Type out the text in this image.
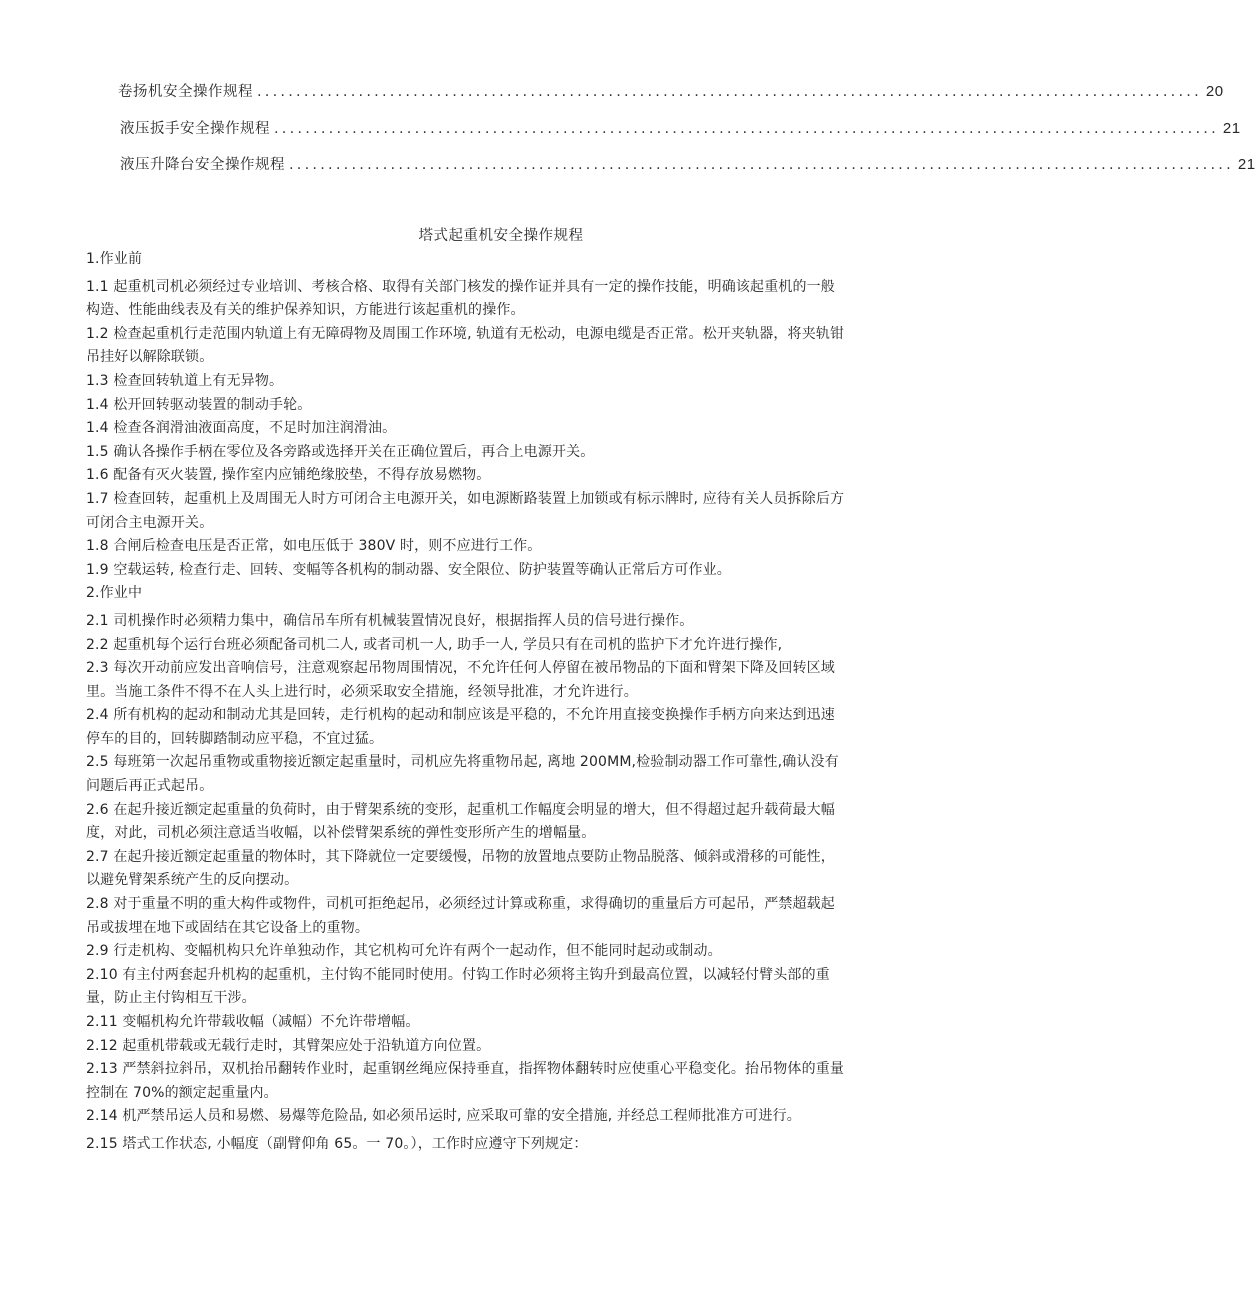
卷扬机安全操作规程 ......................................................................................................................... 20
液压扳手安全操作规程 ......................................................................................................................... 21
液压升降台安全操作规程 ......................................................................................................................... 21
塔式起重机安全操作规程

1.作业前

1.1 起重机司机必须经过专业培训、考核合格、取得有关部门核发的操作证并具有一定的操作技能，明确该起重机的一般构造、性能曲线表及有关的维护保养知识，方能进行该起重机的操作。

1.2 检查起重机行走范围内轨道上有无障碍物及周围工作环境, 轨道有无松动，电源电缆是否正常。松开夹轨器，将夹轨钳吊挂好以解除联锁。

1.3 检查回转轨道上有无异物。

1.4 松开回转驱动装置的制动手轮。

1.4 检查各润滑油液面高度，不足时加注润滑油。

1.5 确认各操作手柄在零位及各旁路或选择开关在正确位置后，再合上电源开关。

1.6 配备有灭火装置, 操作室内应铺绝缘胶垫，不得存放易燃物。

1.7 检查回转，起重机上及周围无人时方可闭合主电源开关，如电源断路装置上加锁或有标示牌时, 应待有关人员拆除后方可闭合主电源开关。

1.8 合闸后检查电压是否正常，如电压低于 380V 时，则不应进行工作。

1.9 空载运转, 检查行走、回转、变幅等各机构的制动器、安全限位、防护装置等确认正常后方可作业。

2.作业中

2.1 司机操作时必须精力集中，确信吊车所有机械装置情况良好，根据指挥人员的信号进行操作。

2.2 起重机每个运行台班必须配备司机二人, 或者司机一人, 助手一人, 学员只有在司机的监护下才允许进行操作,

2.3 每次开动前应发出音响信号，注意观察起吊物周围情况，不允许任何人停留在被吊物品的下面和臂架下降及回转区域里。当施工条件不得不在人头上进行时，必须采取安全措施，经领导批准，才允许进行。

2.4 所有机构的起动和制动尤其是回转，走行机构的起动和制应该是平稳的，不允许用直接变换操作手柄方向来达到迅速停车的目的，回转脚踏制动应平稳，不宜过猛。

2.5 每班第一次起吊重物或重物接近额定起重量时，司机应先将重物吊起, 离地 200MM,检验制动器工作可靠性,确认没有问题后再正式起吊。

2.6 在起升接近额定起重量的负荷时，由于臂架系统的变形，起重机工作幅度会明显的增大，但不得超过起升载荷最大幅度，对此，司机必须注意适当收幅，以补偿臂架系统的弹性变形所产生的增幅量。

2.7 在起升接近额定起重量的物体时，其下降就位一定要缓慢，吊物的放置地点要防止物品脱落、倾斜或滑移的可能性，以避免臂架系统产生的反向摆动。

2.8 对于重量不明的重大构件或物件，司机可拒绝起吊，必须经过计算或称重，求得确切的重量后方可起吊，严禁超载起吊或拔埋在地下或固结在其它设备上的重物。

2.9 行走机构、变幅机构只允许单独动作，其它机构可允许有两个一起动作，但不能同时起动或制动。

2.10 有主付两套起升机构的起重机，主付钩不能同时使用。付钩工作时必须将主钩升到最高位置，以减轻付臂头部的重量，防止主付钩相互干涉。

2.11 变幅机构允许带载收幅（减幅）不允许带增幅。

2.12 起重机带载或无载行走时，其臂架应处于沿轨道方向位置。

2.13 严禁斜拉斜吊，双机抬吊翻转作业时，起重钢丝绳应保持垂直，指挥物体翻转时应使重心平稳变化。抬吊物体的重量控制在 70%的额定起重量内。

2.14 机严禁吊运人员和易燃、易爆等危险品, 如必须吊运时, 应采取可靠的安全措施, 并经总工程师批准方可进行。

2.15 塔式工作状态, 小幅度（副臂仰角 65。一 70。），工作时应遵守下列规定：
